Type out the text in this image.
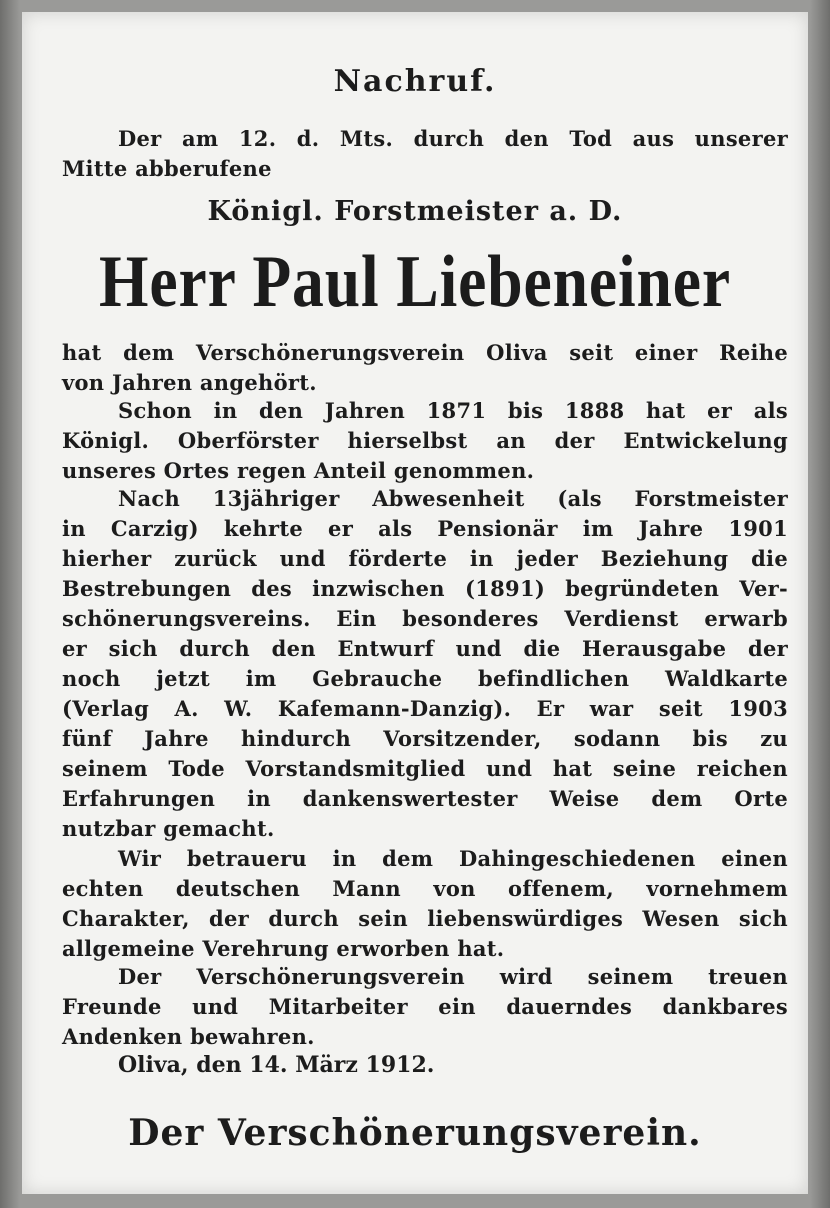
Nachruf.
Der am 12. d. Mts. durch den Tod aus unserer
Mitte abberufene
Königl. Forstmeister a. D.
Herr Paul Liebeneiner
hat dem Verschönerungsverein Oliva seit einer Reihe
von Jahren angehört.
Schon in den Jahren 1871 bis 1888 hat er als
Königl. Oberförster hierselbst an der Entwickelung
unseres Ortes regen Anteil genommen.
Nach 13jähriger Abwesenheit (als Forstmeister
in Carzig) kehrte er als Pensionär im Jahre 1901
hierher zurück und förderte in jeder Beziehung die
Bestrebungen des inzwischen (1891) begründeten Ver-
schönerungsvereins. Ein besonderes Verdienst erwarb
er sich durch den Entwurf und die Herausgabe der
noch jetzt im Gebrauche befindlichen Waldkarte
(Verlag A. W. Kafemann-Danzig). Er war seit 1903
fünf Jahre hindurch Vorsitzender, sodann bis zu
seinem Tode Vorstandsmitglied und hat seine reichen
Erfahrungen in dankenswertester Weise dem Orte
nutzbar gemacht.
Wir betraueru in dem Dahingeschiedenen einen
echten deutschen Mann von offenem, vornehmem
Charakter, der durch sein liebenswürdiges Wesen sich
allgemeine Verehrung erworben hat.
Der Verschönerungsverein wird seinem treuen
Freunde und Mitarbeiter ein dauerndes dankbares
Andenken bewahren.
Oliva, den 14. März 1912.
Der Verschönerungsverein.
